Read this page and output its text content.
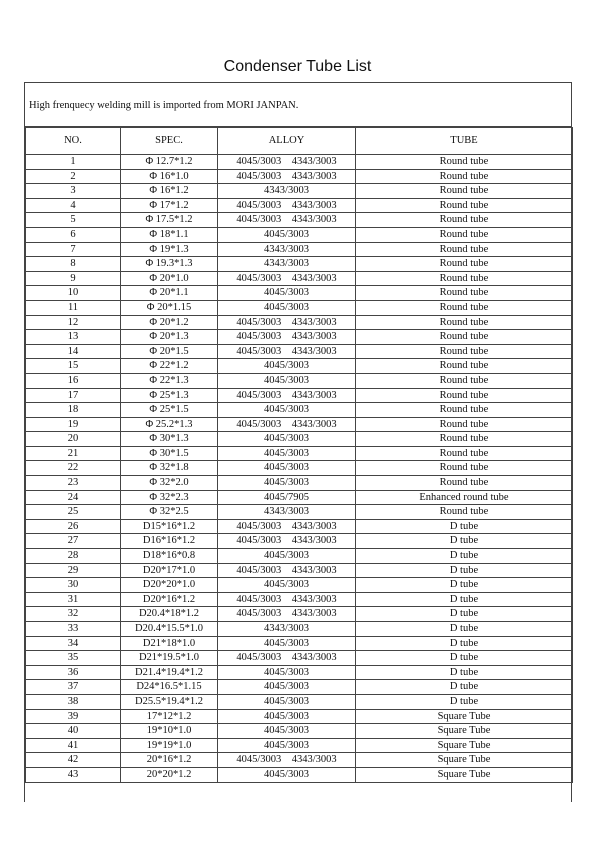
Condenser Tube List
High frenquecy welding mill is imported from MORI JANPAN.
NO.	SPEC.	ALLOY	TUBE
1	Φ 12.7*1.2	4045/3003    4343/3003	Round tube
2	Φ 16*1.0	4045/3003    4343/3003	Round tube
3	Φ 16*1.2	4343/3003	Round tube
4	Φ 17*1.2	4045/3003    4343/3003	Round tube
5	Φ 17.5*1.2	4045/3003    4343/3003	Round tube
6	Φ 18*1.1	4045/3003	Round tube
7	Φ 19*1.3	4343/3003	Round tube
8	Φ 19.3*1.3	4343/3003	Round tube
9	Φ 20*1.0	4045/3003    4343/3003	Round tube
10	Φ 20*1.1	4045/3003	Round tube
11	Φ 20*1.15	4045/3003	Round tube
12	Φ 20*1.2	4045/3003    4343/3003	Round tube
13	Φ 20*1.3	4045/3003    4343/3003	Round tube
14	Φ 20*1.5	4045/3003    4343/3003	Round tube
15	Φ 22*1.2	4045/3003	Round tube
16	Φ 22*1.3	4045/3003	Round tube
17	Φ 25*1.3	4045/3003    4343/3003	Round tube
18	Φ 25*1.5	4045/3003	Round tube
19	Φ 25.2*1.3	4045/3003    4343/3003	Round tube
20	Φ 30*1.3	4045/3003	Round tube
21	Φ 30*1.5	4045/3003	Round tube
22	Φ 32*1.8	4045/3003	Round tube
23	Φ 32*2.0	4045/3003	Round tube
24	Φ 32*2.3	4045/7905	Enhanced round tube
25	Φ 32*2.5	4343/3003	Round tube
26	D15*16*1.2	4045/3003    4343/3003	D tube
27	D16*16*1.2	4045/3003    4343/3003	D tube
28	D18*16*0.8	4045/3003	D tube
29	D20*17*1.0	4045/3003    4343/3003	D tube
30	D20*20*1.0	4045/3003	D tube
31	D20*16*1.2	4045/3003    4343/3003	D tube
32	D20.4*18*1.2	4045/3003    4343/3003	D tube
33	D20.4*15.5*1.0	4343/3003	D tube
34	D21*18*1.0	4045/3003	D tube
35	D21*19.5*1.0	4045/3003    4343/3003	D tube
36	D21.4*19.4*1.2	4045/3003	D tube
37	D24*16.5*1.15	4045/3003	D tube
38	D25.5*19.4*1.2	4045/3003	D tube
39	17*12*1.2	4045/3003	Square Tube
40	19*10*1.0	4045/3003	Square Tube
41	19*19*1.0	4045/3003	Square Tube
42	20*16*1.2	4045/3003    4343/3003	Square Tube
43	20*20*1.2	4045/3003	Square Tube
